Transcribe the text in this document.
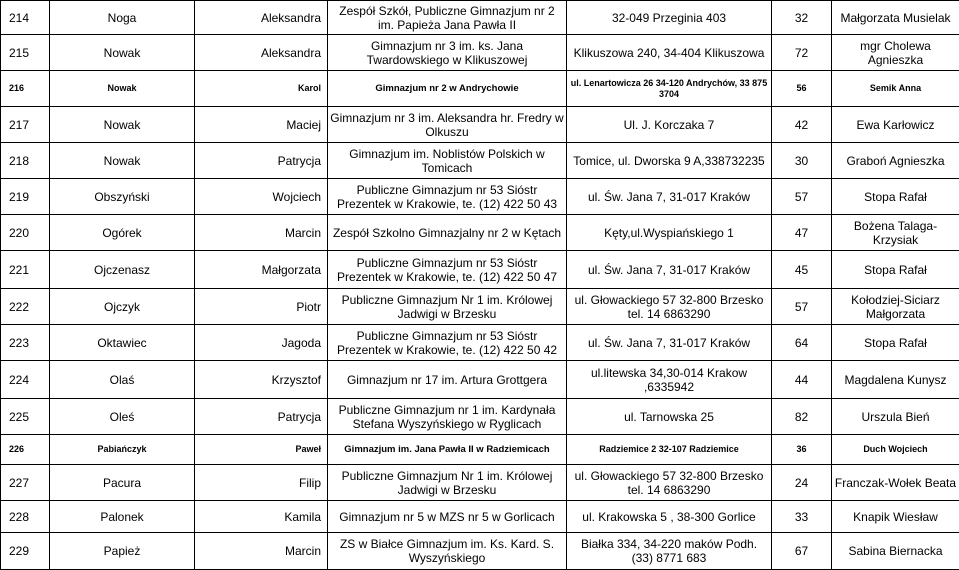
214	Noga	Aleksandra	Zespół Szkół, Publiczne Gimnazjum nr 2 im. Papieża Jana Pawła II	32-049 Przeginia 403	32	Małgorzata Musielak
215	Nowak	Aleksandra	Gimnazjum nr 3 im. ks. Jana Twardowskiego w Klikuszowej	Klikuszowa 240, 34-404 Klikuszowa	72	mgr Cholewa Agnieszka
216	Nowak	Karol	Gimnazjum nr 2 w Andrychowie	ul. Lenartowicza 26 34-120 Andrychów, 33 875 3704	56	Semik Anna
217	Nowak	Maciej	Gimnazjum nr 3 im. Aleksandra hr. Fredry w Olkuszu	Ul. J. Korczaka 7	42	Ewa Karłowicz
218	Nowak	Patrycja	Gimnazjum im. Noblistów Polskich w Tomicach	Tomice, ul. Dworska 9 A,338732235	30	Graboń Agnieszka
219	Obszyński	Wojciech	Publiczne Gimnazjum nr 53 Sióstr Prezentek w Krakowie, te. (12) 422 50 43	ul. Św. Jana 7, 31-017 Kraków	57	Stopa Rafał
220	Ogórek	Marcin	Zespół Szkolno Gimnazjalny nr 2 w Kętach	Kęty,ul.Wyspiańskiego 1	47	Bożena Talaga-Krzysiak
221	Ojczenasz	Małgorzata	Publiczne Gimnazjum nr 53 Sióstr Prezentek w Krakowie, te. (12) 422 50 47	ul. Św. Jana 7, 31-017 Kraków	45	Stopa Rafał
222	Ojczyk	Piotr	Publiczne Gimnazjum Nr 1 im. Królowej Jadwigi w Brzesku	ul. Głowackiego 57 32-800 Brzesko tel. 14 6863290	57	Kołodziej-Siciarz Małgorzata
223	Oktawiec	Jagoda	Publiczne Gimnazjum nr 53 Sióstr Prezentek w Krakowie, te. (12) 422 50 42	ul. Św. Jana 7, 31-017 Kraków	64	Stopa Rafał
224	Olaś	Krzysztof	Gimnazjum nr 17 im. Artura Grottgera	ul.litewska 34,30-014 Krakow ,6335942	44	Magdalena Kunysz
225	Oleś	Patrycja	Publiczne Gimnazjum nr 1 im. Kardynała Stefana Wyszyńskiego w Ryglicach	ul. Tarnowska 25	82	Urszula Bień
226	Pabiańczyk	Paweł	Gimnazjum im. Jana Pawła II w Radziemicach	Radziemice 2 32-107 Radziemice	36	Duch Wojciech
227	Pacura	Filip	Publiczne Gimnazjum Nr 1 im. Królowej Jadwigi w Brzesku	ul. Głowackiego 57 32-800 Brzesko tel. 14 6863290	24	Franczak-Wołek Beata
228	Palonek	Kamila	Gimnazjum nr 5 w MZS nr 5 w Gorlicach	ul. Krakowska 5 , 38-300 Gorlice	33	Knapik Wiesław
229	Papież	Marcin	ZS w Białce Gimnazjum im. Ks. Kard. S. Wyszyńskiego	Białka 334, 34-220 maków Podh. (33) 8771 683	67	Sabina Biernacka
